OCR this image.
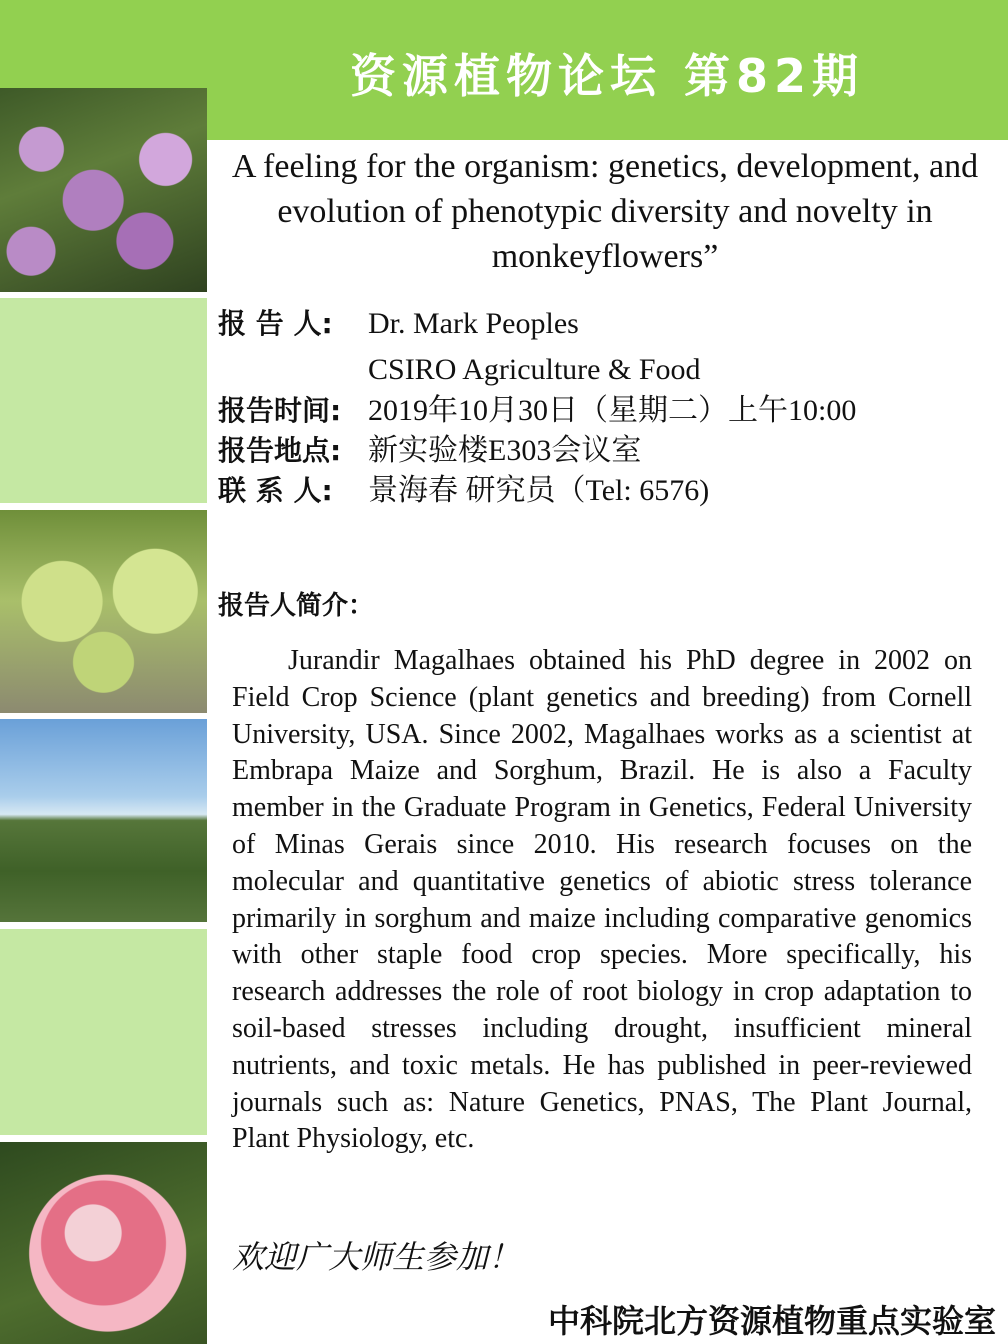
资源植物论坛 第82期
A feeling for the organism: genetics, development, and evolution of phenotypic diversity and novelty in monkeyflowers”
报 告 人: Dr. Mark Peoples
CSIRO Agriculture & Food
报告时间: 2019年10月30日（星期二）上午10:00
报告地点: 新实验楼E303会议室
联 系 人: 景海春 研究员（Tel: 6576)
报告人简介：
Jurandir Magalhaes obtained his PhD degree in 2002 on Field Crop Science (plant genetics and breeding) from Cornell University, USA. Since 2002, Magalhaes works as a scientist at Embrapa Maize and Sorghum, Brazil. He is also a Faculty member in the Graduate Program in Genetics, Federal University of Minas Gerais since 2010. His research focuses on the molecular and quantitative genetics of abiotic stress tolerance primarily in sorghum and maize including comparative genomics with other staple food crop species. More specifically, his research addresses the role of root biology in crop adaptation to soil-based stresses including drought, insufficient mineral nutrients, and toxic metals. He has published in peer-reviewed journals such as: Nature Genetics, PNAS, The Plant Journal, Plant Physiology, etc.
欢迎广大师生参加！
中科院北方资源植物重点实验室
